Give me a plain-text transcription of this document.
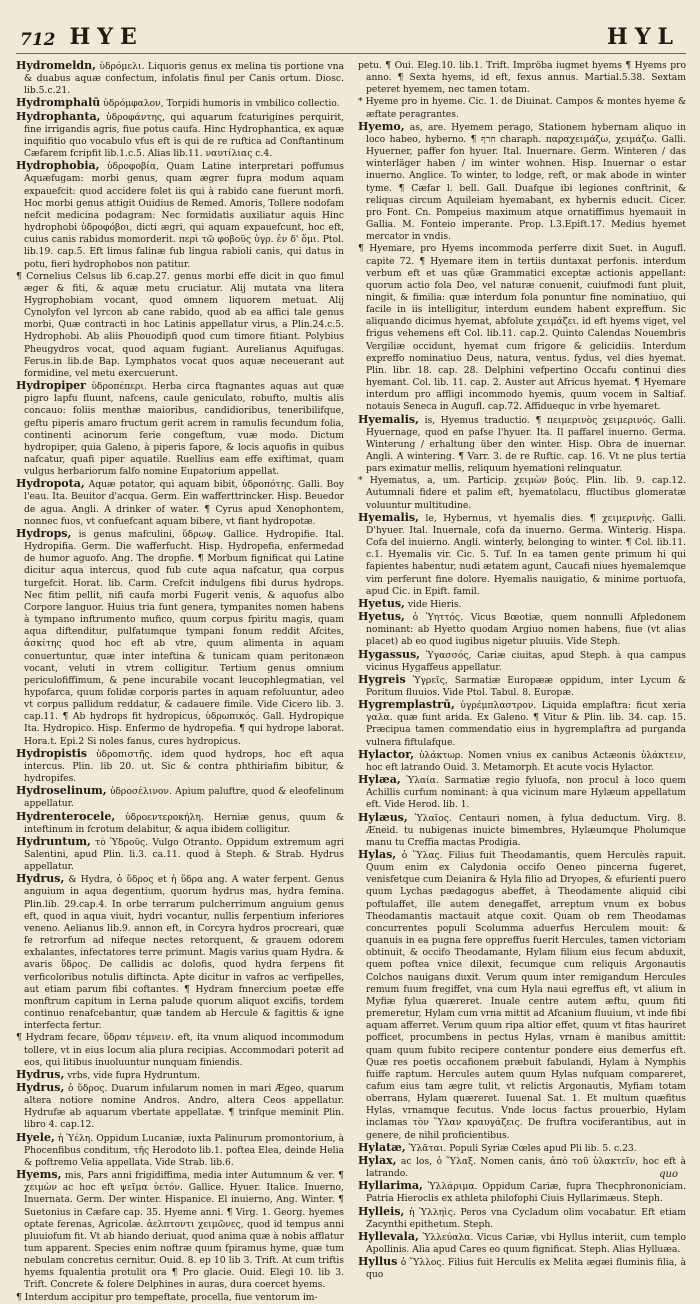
712 HYE	HYL

Hydromeldn, ὑδρόμελι. Liquoris genus ex melina tis portione vna & duabus aquæ confectum, infolatis finul per Canis ortum. Diosc. lib.5.c.21.

Hydromphalū ὑδρόμφαλον, Torpidi humoris in vmbilico collectio.

Hydrophanta, ὑδροφάντης, qui aquarum fcaturigines perquirit, fine irrigandis agris, fiue potus caufa. Hinc Hydrophantica, ex aquæ inquifitio quo vocabulo vfus eft is qui de re ruftica ad Conftantinum Cæfarem fcripfit lib.1.c.5. Alias lib.11. ναυτίλιας c.4.

Hydrophobia, ὑδροφοβία, Quam Latine interpretari poffumus Aquæfugam: morbi genus, quam ægrer fupra modum aquam expauefcit: quod accidere folet iis qui à rabido cane fuerunt morfi. Hoc morbi genus attigit Ouidius de Remed. Amoris, Tollere nodofam nefcit medicina podagram: Nec formidatis auxiliatur aquis Hinc hydrophobi ὑδροφόβοι, dicti ægri, qui aquam expauefcunt, hoc eft, cuius canis rabidus momorderit. περὶ τῶ φοβοῦς ὑγρ. ἐν δ' ὅμι. Ptol. lib.19. cap.5. Eft limus falinæ fub lingua rabioli canis, qui datus in potu, fieri hydrophobos non patitur.

¶ Cornelius Celsus lib 6.cap.27. genus morbi effe dicit in quo fimul æger & fiti, & aquæ metu cruciatur. Alij mutata vna litera Hygrophobiam vocant, quod omnem liquorem metuat. Alij Cynolyfon vel lyrcon ab cane rabido, quod ab ea affici tale genus morbi, Quæ contracti in hoc Latinis appellatur virus, a Plin.24.c.5. Hydrophobi. Ab aliis Phouodipfi quod cum timore fitiant. Polybius Pheugydros vocat, quod aquam fugiant. Aurelianus Aquifugas. Ferus.in lib.de Bap. Lymphatos vocat quos aquæ neceuerant aut formidine, vel metu exercuerunt.

Hydropiper ὑδροπέπερι. Herba circa ftagnantes aquas aut quæ pigro lapfu fluunt, nafcens, caule geniculato, robufto, multis alis concauo: foliis menthæ maioribus, candidioribus, teneribilifque, geftu piperis amaro fructum gerit acrem in ramulis fecundum folia, continenti acinorum ferie congeftum, vuæ modo. Dictum hydropiper, quia Galeno, à piperis fapore, & locis aquofis in quibus nafcatur, quafi piper aquatile. Ruellius eam effe exiftimat, quam vulgus herbariorum falfo nomine Eupatorium appellat.

Hydropota, Aquæ potator, qui aquam bibit, ὑδροπότης. Galli. Boy l'eau. Ita. Beuitor d'acqua. Germ. Ein wafferttrincker. Hisp. Beuedor de agua. Angli. A drinker of water. ¶ Cyrus apud Xenophontem, nonnec fuos, vt confuefcant aquam bibere, vt fiant hydropotæ.

Hydrops, is genus mafculini, ὕδρωψ. Gallice. Hydropifie. Ital. Hydropifia. Germ. Die wafferfucht. Hisp. Hydropefia, enfermedad de humor aguofo. Ang. The dropfie. ¶ Morbum fignificat qui Latine dicitur aqua intercus, quod fub cute aqua nafcatur, qua corpus turgefcit. Horat. lib. Carm. Crefcit indulgens fibi durus hydrops. Nec fitim pellit, nifi caufa morbi Fugerit venis, & aquofus albo Corpore languor. Huius tria funt genera, tympanites nomen habens à tympano inftrumento mufico, quum corpus fpiritu magis, quam aqua diftenditur, pulfatumque tympani fonum reddit Afcites, ἀσκίτης quod hoc eft ab vtre, quum alimenta in aquam conuertuntur, quæ inter inteftina & tunicam quam peritonæon vocant, veluti in vtrem colligitur. Tertium genus omnium periculofiffimum, & pene incurabile vocant leucophlegmatian, vel hypofarca, quum folidæ corporis partes in aquam refoluuntur, adeo vt corpus pallidum reddatur, & cadauere fimile. Vide Cicero lib. 3. cap.11. ¶ Ab hydrops fit hydropicus, ὑδρωπικός. Gall. Hydropique Ita. Hydropico. Hisp. Enfermo de hydropefia. ¶ qui hydrope laborat. Hora.t. Epi.2 Si noles fanus, cures hydropicus.

Hydropistis ὑδροπιστῆς. idem quod hydrops, hoc eft aqua intercus. Plin. lib 20. ut. Sic & contra phthiriafim bibitur, & hydropifes.

Hydroselinum, ὑδροσέλινον. Apium paluftre, quod & eleofelinum appellatur.

Hydrenterocele, ὑδροεντεροκήλη. Herniæ genus, quum & inteftinum in fcrotum delabitur, & aqua ibidem colligitur.

Hydruntum, τὸ Ὑδροῦς. Vulgo Otranto. Oppidum extremum agri Salentini, apud Plin. li.3. ca.11. quod à Steph. & Strab. Hydrus appellatur.

Hydrus, & Hydra, ὁ ὕδρος et ἡ ὕδρα ang. A water ferpent. Genus anguium in aqua degentium, quorum hydrus mas, hydra femina. Plin.lib. 29.cap.4. In orbe terrarum pulcherrimum anguium genus eft, quod in aqua viuit, hydri vocantur, nullis ferpentium inferiores veneno. Aelianus lib.9. annon eft, in Corcyra hydros procreari, quæ fe retrorfum ad nifeque nectes retorquent, & grauem odorem exhalantes, infectatores terre primunt. Magis varius quam Hydra. & avaris ὕδρος. De callidis ac dolofis, quod hydra ferpens fit verficoloribus notulis diftincta. Apte dicitur in vafros ac verfipelles, aut etiam parum fibi coftantes. ¶ Hydram fnnercium poetæ effe monftrum capitum in Lerna palude quorum aliquot excifis, tordem continuo renafcebantur, quæ tandem ab Hercule & fagittis & igne interfecta fertur.

¶ Hydram fecare, ὕδραν τέμνειν. eft, ita vnum aliquod incommodum tollere, vt in eius locum alia plura recipias. Accommodari poterit ad eos, qui litibus inuoluuntur nunquam finiendis.

Hydrus, vrbs, vide fupra Hydruntum.

Hydrus, ὁ ὕδρος. Duarum infularum nomen in mari Ægeo, quarum altera notiore nomine Andros. Andro, altera Ceos appellatur. Hydrufæ ab aquarum vbertate appellatæ. ¶ trinfque meminit Plin. libro 4. cap.12.

Hyele, ἡ Ὑέλη. Oppidum Lucaniæ, iuxta Palinurum promontorium, à Phocenfibus conditum, τῆς Herodoto lib.1. poftea Elea, deinde Helia & poftremo Velia appellata. Vide Strab. lib.6.

Hyems, mis, Pars anni frigidiffima, media inter Autumnum & ver. ¶ χειμὼν ac hoc eft ψεῖμα ὑετόν. Gallice. Hyuer. Italice. Inuerno, Inuernata. Germ. Der winter. Hispanice. El inuierno, Ang. Winter. ¶ Suetonius in Cæfare cap. 35. Hyeme anni. ¶ Virg. 1. Georg. hyemes optate ferenas, Agricolæ. ἀελπτοντι χειμῶνες, quod id tempus anni pluuiofum fit. Vt ab hiando deriuat, quod anima quæ à nobis afflatur tum apparent. Species enim noftræ quum fpiramus hyme, quæ tum nebulam concretus cernitur. Ouid. 8. ep 10 lib 3. Trift. At cum triftis hyems fqualentia protulit ora ¶ Pro glacie. Ouid. Elegi 10. lib 3. Trift. Concrete & folere Delphines in auras, dura coercet hyems.

¶ Interdum accipitur pro tempeftate, procella, fiue ventorum im-

petu. ¶ Oui. Eleg.10. lib.1. Trift. Impröba iugmet hyems ¶ Hyems pro anno. ¶ Sexta hyems, id eft, fexus annus. Martial.5.38. Sextam peteret hyemem, nec tamen totam.

* Hyeme pro in hyeme. Cic. 1. de Diuinat. Campos & montes hyeme & æftate peragrantes.

Hyemo, as, are. Hyemem perago, Stationem hybernam aliquo in loco habeo, hyberno. ¶ חרף charaph. παραχειμάζω, χειμάζω. Galli. Hyuerner, paffer fon hyuer. Ital. Inuernare. Germ. Winteren / das winterläger haben / im winter wohnen. Hisp. Inuernar o estar inuerno. Anglice. To winter, to lodge, reft, or mak abode in winter tyme. ¶ Cæfar l. bell. Gall. Duafque ibi legiones conftrinit, & reliquas circum Aquileiam hyemabant, ex hybernis educit. Cicer. pro Font. Cn. Pompeius maximum atque ornatiffimus hyemauit in Gallia. M. Fonteio imperante. Prop. l.3.Epift.17. Medius hyemet mercator in vndis.

¶ Hyemare, pro Hyems incommoda perferre dixit Suet. in Augufl. capite 72. ¶ Hyemare item in tertiis duntaxat perfonis. interdum verbum eft et uas qũæ Grammatici exceptæ actionis appellant: quorum actio fola Deo, vel naturæ conuenit, cuiufmodi funt pluit, ningit, & fimilia: quæ interdum fola ponuntur fine nominatiuo, qui facile in iis intelligitur, interdum eundem habent expreffum. Sic aliquando dicimus hyemat, abfolute χειμάζει. id eft hyems viget, vel frigus vehemens eft Col. lib.11. cap.2. Quinto Calendas Nouembris Vergiliæ occidunt, hyemat cum frigore & gelicidiis. Interdum expreffo nominatiuo Deus, natura, ventus. fydus, vel dies hyemat. Plin. libr. 18. cap. 28. Delphini vefpertino Occafu continui dies hyemant. Col. lib. 11. cap. 2. Auster aut Africus hyemat. ¶ Hyemare interdum pro affligi incommodo hyemis, quum vocem in Saltiaf. notauis Seneca in Augufl. cap.72. Affiduequc in vrbe hyemaret.

Hyemalis, is, Hyemus traductio. ¶ πειμερινὸς χειμερινός. Galli. Hyuernage, quod en pafse l'hyuer. Ita. Il paffarel inuerno. Germa. Winterung / erhaltung über den winter. Hisp. Obra de inuernar. Angli. A wintering. ¶ Varr. 3. de re Ruftic. cap. 16. Vt ne plus tertia pars eximatur mellis, reliquum hyemationi relinquatur.

* Hyematus, a, um. Particip. χειμὼν βούς. Plin. lib. 9. cap.12. Autumnali fidere et palim eft, hyematolacu, ffluctibus glomeratæ voluuntur multitudine.

Hyemalis, le, Hybernus, vt hyemalis dies. ¶ χειμερινὴς. Galli. D'hyuer. Ital. Inuernale, cofa da inuerno. Germa. Winterig. Hispa. Cofa del inuierno. Angli. winterly, belonging to winter. ¶ Col. lib.11. c.1. Hyemalis vir. Cic. 5. Tuf. In ea tamen gente primum hi qui fapientes habentur, nudi ætatem agunt, Caucafi niues hyemalemque vim perferunt fine dolore. Hyemalis nauigatio, & minime portuofa, apud Cic. in Epift. famil.

Hyetus, vide Hieris.

Hyetus, ὁ Ὑηττός. Vicus Bœotiæ, quem nonnulli Afpledonem nominant: ab Hyetto quodam Argiuo nomen habens, fiue (vt alias placet) ab eo quod iugibus nigetur pluuiis. Vide Steph.

Hygassus, Ὑγασσός, Cariæ ciuitas, apud Steph. à qua campus vicinus Hygaffeus appellatur.

Hygreis Ὑγρεῖς, Sarmatiæ Europææ oppidum, inter Lycum & Poritum fluuios. Vide Ptol. Tabul. 8. Europæ.

Hygremplastrū, ὑγρέμπλαστρον. Liquida emplaftra: ficut xeria γαλα. quæ funt arida. Ex Galeno. ¶ Vitur & Plin. lib. 34. cap. 15. Præcipua tamen commendatio eius in hygremplaftra ad purganda vulnera fiftulafque.

Hylactor, ὑλάκτωρ. Nomen vnius ex canibus Actæonis ὑλάκτειν, hoc eft latrando Ouid. 3. Metamorph. Et acute vocis Hylactor.

Hylæa, Ὑλαία. Sarmatiæ regio fyluofa, non procul à loco quem Achillis curfum nominant: à qua vicinum mare Hylæum appellatum eft. Vide Herod. lib. 1.

Hylæus, Ὑλαῖος. Centauri nomen, à fylua deductum. Virg. 8. Æneid. tu nubigenas inuicte bimembres, Hylæumque Pholumque manu tu Creffia mactas Prodigia.

Hylas, ὁ Ὕλας. Filius fuit Theodamantis, quem Herculès rapuit. Quum enim ex Calydonia occifo Oeneo pincerna fugeret, venisfetque cum Deianira & Hyla filio ad Dryopes, & efurienti puero quum Lychas pædagogus abeffet, à Theodamente aliquid cibi poftulaffet, ille autem denegaffet, arreptum vnum ex bobus Theodamantis mactauit atque coxit. Quam ob rem Theodamas concurrentes populi Scolumma aduerfus Herculem mouit: & quanuis in ea pugna fere oppreffus fuerit Hercules, tamen victoriam obtinuit, & occifo Theodamante, Hylam filium eius fecum abduxit, quem poftea vnice dilexit, fecumque cum reliquis Argonautis Colchos nauigans duxit. Verum quum inter remigandum Hercules remum fuum fregiffet, vna cum Hyla naui egreffus eft, vt alium in Myfiæ fylua quæreret. Inuale centre autem æftu, quum fiti premeretur, Hylam cum vrna mittit ad Afcanium fluuium, vt inde fibi aquam afferret. Verum quum ripa altior effet, quum vt fitas hauriret pofficet, procumbens in pectus Hylas, vrnam è manibus amittit: quam quum fubito recipere contentur pondere eius demerfus eft. Quæ res poetis occafionem præbuit fabulandi, Hylam à Nymphis fuiffe raptum. Hercules autem quum Hylas nufquam compareret, cafum eius tam ægre tulit, vt relictis Argonautis, Myfiam totam oberrans, Hylam quæreret. Iuuenal Sat. 1. Et multum quæfitus Hylas, vrnamque fecutus. Vnde locus factus prouerbio, Hylam inclamas τὸν Ὕλαν κραυγάζεις. De fruftra vociferantibus, aut in genere, de nihil proficientibus.

Hylatæ, Ὑλᾶται. Populi Syriæ Cœles apud Pli lib. 5. c.23.

Hylax, ac los, ὁ Ὕλαξ. Nomen canis, ἀπὸ τοῦ ὑλακτεῖν, hoc eft à latrando.

Hyllarima, Ὑλλάριμα. Oppidum Cariæ, fupra Thecphrononiciam. Patria Hieroclis ex athleta philofophi Ciuis Hyllarimæus. Steph.

Hylleis, ἡ Ὑλληὶς. Peros vna Cycladum olim vocabatur. Eft etiam Zacynthi epithetum. Steph.

Hyllevala, Ὑλλεύαλα. Vicus Cariæ, vbi Hyllus interiit, cum templo Apollinis. Alia apud Cares eo quum fignificat. Steph. Alias Hylluæa.

Hyllus ὁ Ὕλλος. Filius fuit Herculis ex Melita ægæi fluminis filia, à quo

quo
